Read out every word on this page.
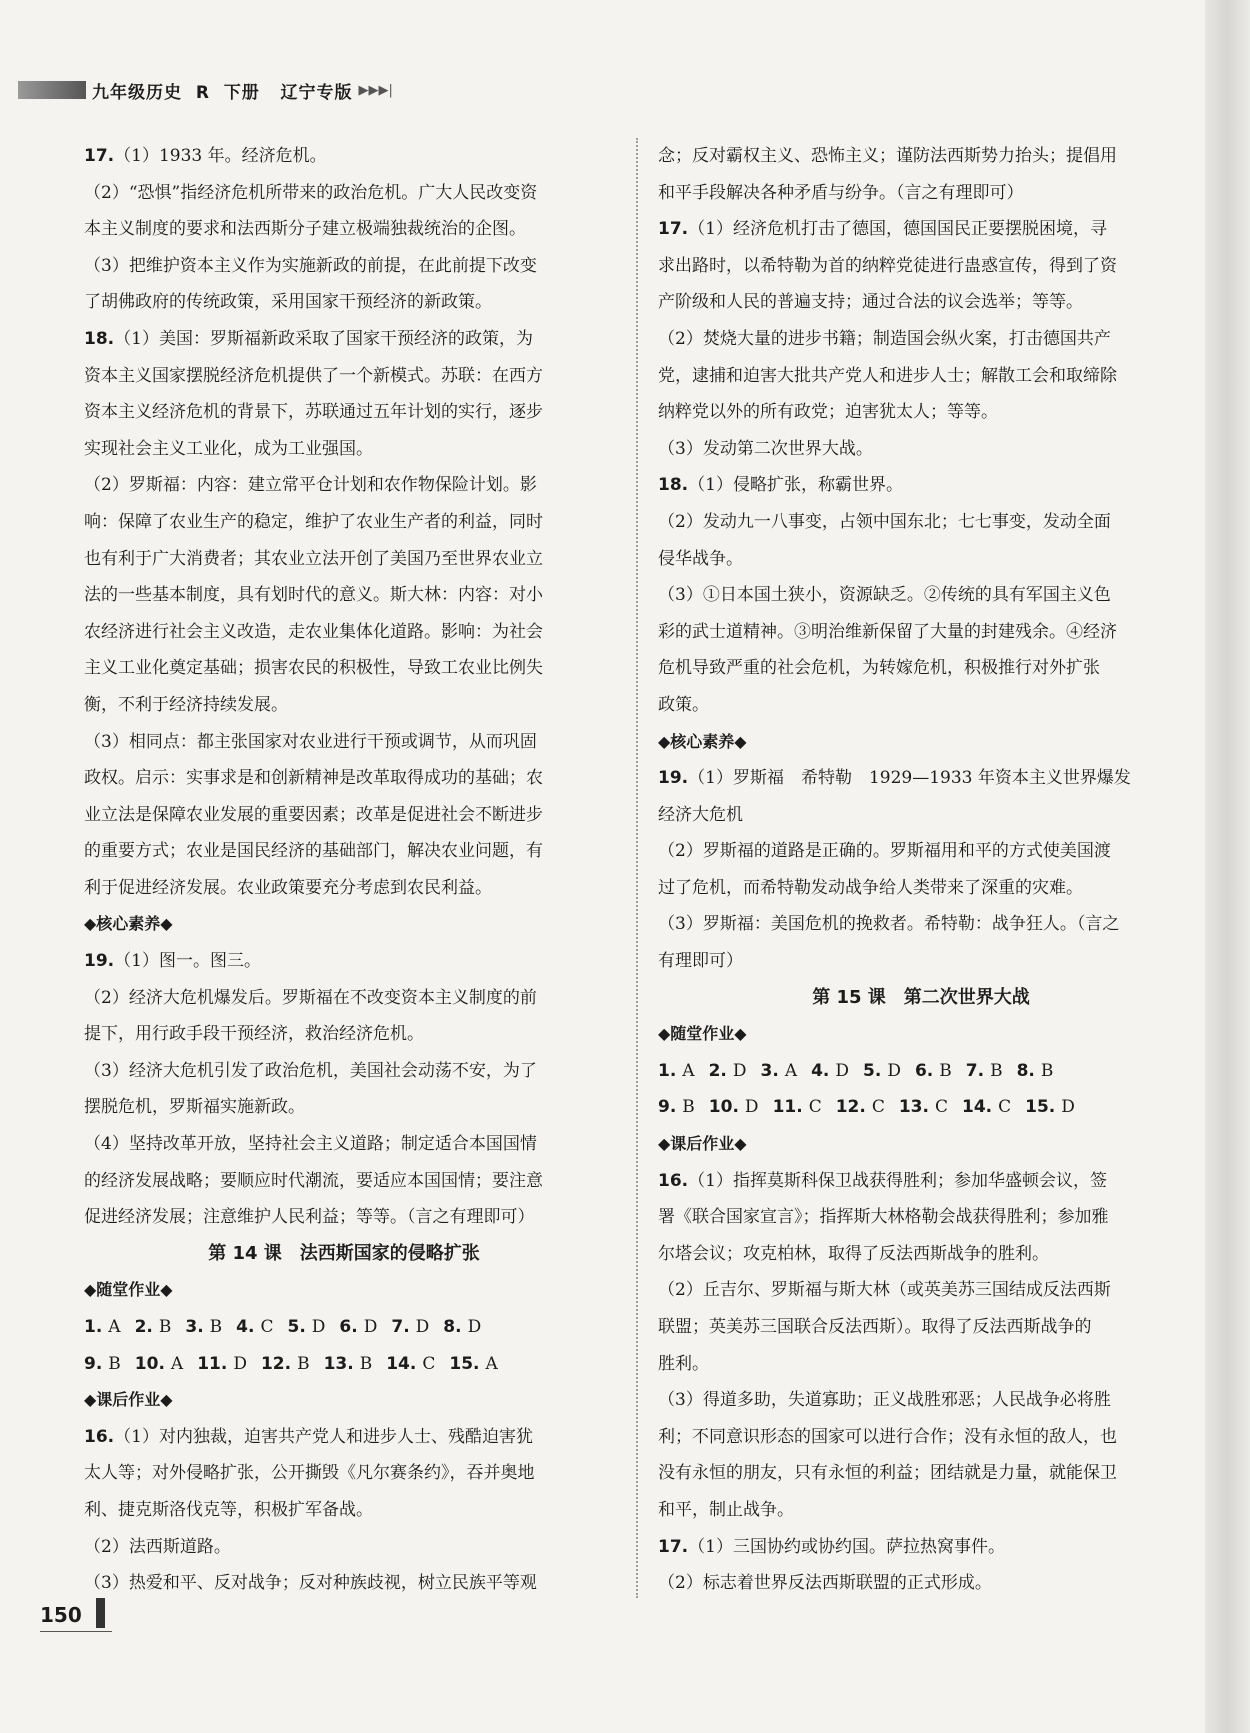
九年级历史  R  下册   辽宁专版 ▶▶▶|
17.（1）1933 年。经济危机。
（2）“恐惧”指经济危机所带来的政治危机。广大人民改变资
本主义制度的要求和法西斯分子建立极端独裁统治的企图。
（3）把维护资本主义作为实施新政的前提，在此前提下改变
了胡佛政府的传统政策，采用国家干预经济的新政策。
18.（1）美国：罗斯福新政采取了国家干预经济的政策，为
资本主义国家摆脱经济危机提供了一个新模式。苏联：在西方
资本主义经济危机的背景下，苏联通过五年计划的实行，逐步
实现社会主义工业化，成为工业强国。
（2）罗斯福：内容：建立常平仓计划和农作物保险计划。影
响：保障了农业生产的稳定，维护了农业生产者的利益，同时
也有利于广大消费者；其农业立法开创了美国乃至世界农业立
法的一些基本制度，具有划时代的意义。斯大林：内容：对小
农经济进行社会主义改造，走农业集体化道路。影响：为社会
主义工业化奠定基础；损害农民的积极性，导致工农业比例失
衡，不利于经济持续发展。
（3）相同点：都主张国家对农业进行干预或调节，从而巩固
政权。启示：实事求是和创新精神是改革取得成功的基础；农
业立法是保障农业发展的重要因素；改革是促进社会不断进步
的重要方式；农业是国民经济的基础部门，解决农业问题，有
利于促进经济发展。农业政策要充分考虑到农民利益。
◆核心素养◆
19.（1）图一。图三。
（2）经济大危机爆发后。罗斯福在不改变资本主义制度的前
提下，用行政手段干预经济，救治经济危机。
（3）经济大危机引发了政治危机，美国社会动荡不安，为了
摆脱危机，罗斯福实施新政。
（4）坚持改革开放，坚持社会主义道路；制定适合本国国情
的经济发展战略；要顺应时代潮流，要适应本国国情；要注意
促进经济发展；注意维护人民利益；等等。（言之有理即可）
第 14 课　法西斯国家的侵略扩张
◆随堂作业◆
1. A 2. B 3. B 4. C 5. D 6. D 7. D 8. D
9. B 10. A 11. D 12. B 13. B 14. C 15. A
◆课后作业◆
16.（1）对内独裁，迫害共产党人和进步人士、残酷迫害犹
太人等；对外侵略扩张，公开撕毁《凡尔赛条约》，吞并奥地
利、捷克斯洛伐克等，积极扩军备战。
（2）法西斯道路。
（3）热爱和平、反对战争；反对种族歧视，树立民族平等观
念；反对霸权主义、恐怖主义；谨防法西斯势力抬头；提倡用
和平手段解决各种矛盾与纷争。（言之有理即可）
17.（1）经济危机打击了德国，德国国民正要摆脱困境，寻
求出路时，以希特勒为首的纳粹党徒进行蛊惑宣传，得到了资
产阶级和人民的普遍支持；通过合法的议会选举；等等。
（2）焚烧大量的进步书籍；制造国会纵火案，打击德国共产
党，逮捕和迫害大批共产党人和进步人士；解散工会和取缔除
纳粹党以外的所有政党；迫害犹太人；等等。
（3）发动第二次世界大战。
18.（1）侵略扩张，称霸世界。
（2）发动九一八事变，占领中国东北；七七事变，发动全面
侵华战争。
（3）①日本国土狭小，资源缺乏。②传统的具有军国主义色
彩的武士道精神。③明治维新保留了大量的封建残余。④经济
危机导致严重的社会危机，为转嫁危机，积极推行对外扩张
政策。
◆核心素养◆
19.（1）罗斯福　希特勒　1929—1933 年资本主义世界爆发
经济大危机
（2）罗斯福的道路是正确的。罗斯福用和平的方式使美国渡
过了危机，而希特勒发动战争给人类带来了深重的灾难。
（3）罗斯福：美国危机的挽救者。希特勒：战争狂人。（言之
有理即可）
第 15 课　第二次世界大战
◆随堂作业◆
1. A 2. D 3. A 4. D 5. D 6. B 7. B 8. B
9. B 10. D 11. C 12. C 13. C 14. C 15. D
◆课后作业◆
16.（1）指挥莫斯科保卫战获得胜利；参加华盛顿会议，签
署《联合国家宣言》；指挥斯大林格勒会战获得胜利；参加雅
尔塔会议；攻克柏林，取得了反法西斯战争的胜利。
（2）丘吉尔、罗斯福与斯大林（或英美苏三国结成反法西斯
联盟；英美苏三国联合反法西斯）。取得了反法西斯战争的
胜利。
（3）得道多助，失道寡助；正义战胜邪恶；人民战争必将胜
利；不同意识形态的国家可以进行合作；没有永恒的敌人，也
没有永恒的朋友，只有永恒的利益；团结就是力量，就能保卫
和平，制止战争。
17.（1）三国协约或协约国。萨拉热窝事件。
（2）标志着世界反法西斯联盟的正式形成。
150
